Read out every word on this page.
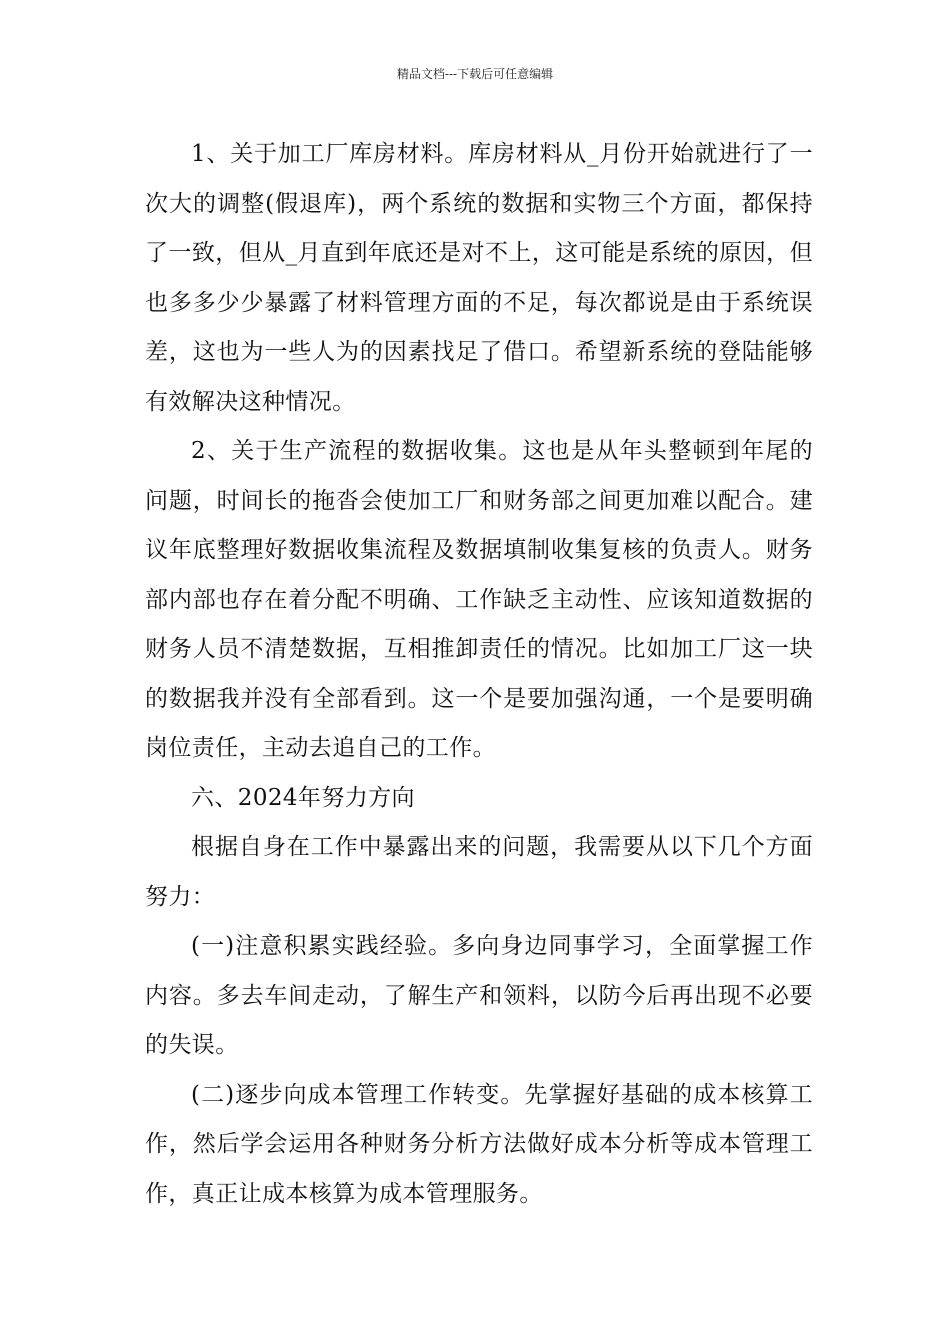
精品文档---下载后可任意编辑

1、关于加工厂库房材料。库房材料从_月份开始就进行了一次大的调整(假退库)，两个系统的数据和实物三个方面，都保持了一致，但从_月直到年底还是对不上，这可能是系统的原因，但也多多少少暴露了材料管理方面的不足，每次都说是由于系统误差，这也为一些人为的因素找足了借口。希望新系统的登陆能够有效解决这种情况。

2、关于生产流程的数据收集。这也是从年头整顿到年尾的问题，时间长的拖沓会使加工厂和财务部之间更加难以配合。建议年底整理好数据收集流程及数据填制收集复核的负责人。财务部内部也存在着分配不明确、工作缺乏主动性、应该知道数据的财务人员不清楚数据，互相推卸责任的情况。比如加工厂这一块的数据我并没有全部看到。这一个是要加强沟通，一个是要明确岗位责任，主动去追自己的工作。

六、2024年努力方向

根据自身在工作中暴露出来的问题，我需要从以下几个方面努力：

(一)注意积累实践经验。多向身边同事学习，全面掌握工作内容。多去车间走动，了解生产和领料，以防今后再出现不必要的失误。

(二)逐步向成本管理工作转变。先掌握好基础的成本核算工作，然后学会运用各种财务分析方法做好成本分析等成本管理工作，真正让成本核算为成本管理服务。
